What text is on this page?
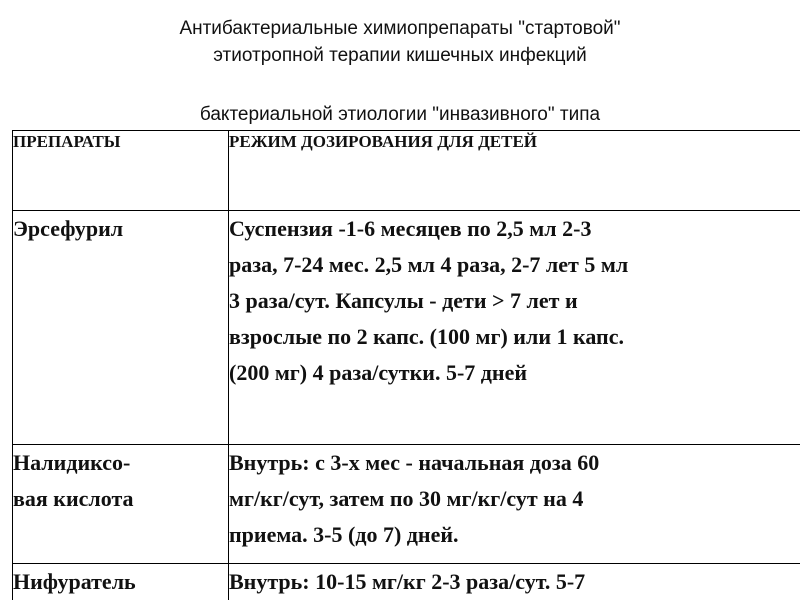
Антибактериальные химиопрепараты "стартовой"
этиотропной терапии кишечных инфекций
бактериальной этиологии "инвазивного" типа
ПРЕПАРАТЫ	РЕЖИМ ДОЗИРОВАНИЯ ДЛЯ ДЕТЕЙ
Эрсефурил	Суспензия -1-6 месяцев по 2,5 мл 2-3
раза, 7-24 мес. 2,5 мл 4 раза, 2-7 лет 5 мл
3 раза/сут. Капсулы - дети > 7 лет и
взрослые по 2 капс. (100 мг) или 1 капс.
(200 мг) 4 раза/сутки. 5-7 дней
Налидиксо-
вая кислота	Внутрь: с 3-х мес - начальная доза 60
мг/кг/сут, затем по 30 мг/кг/сут на 4
приема. 3-5 (до 7) дней.
Нифуратель	Внутрь: 10-15 мг/кг 2-3 раза/сут. 5-7
